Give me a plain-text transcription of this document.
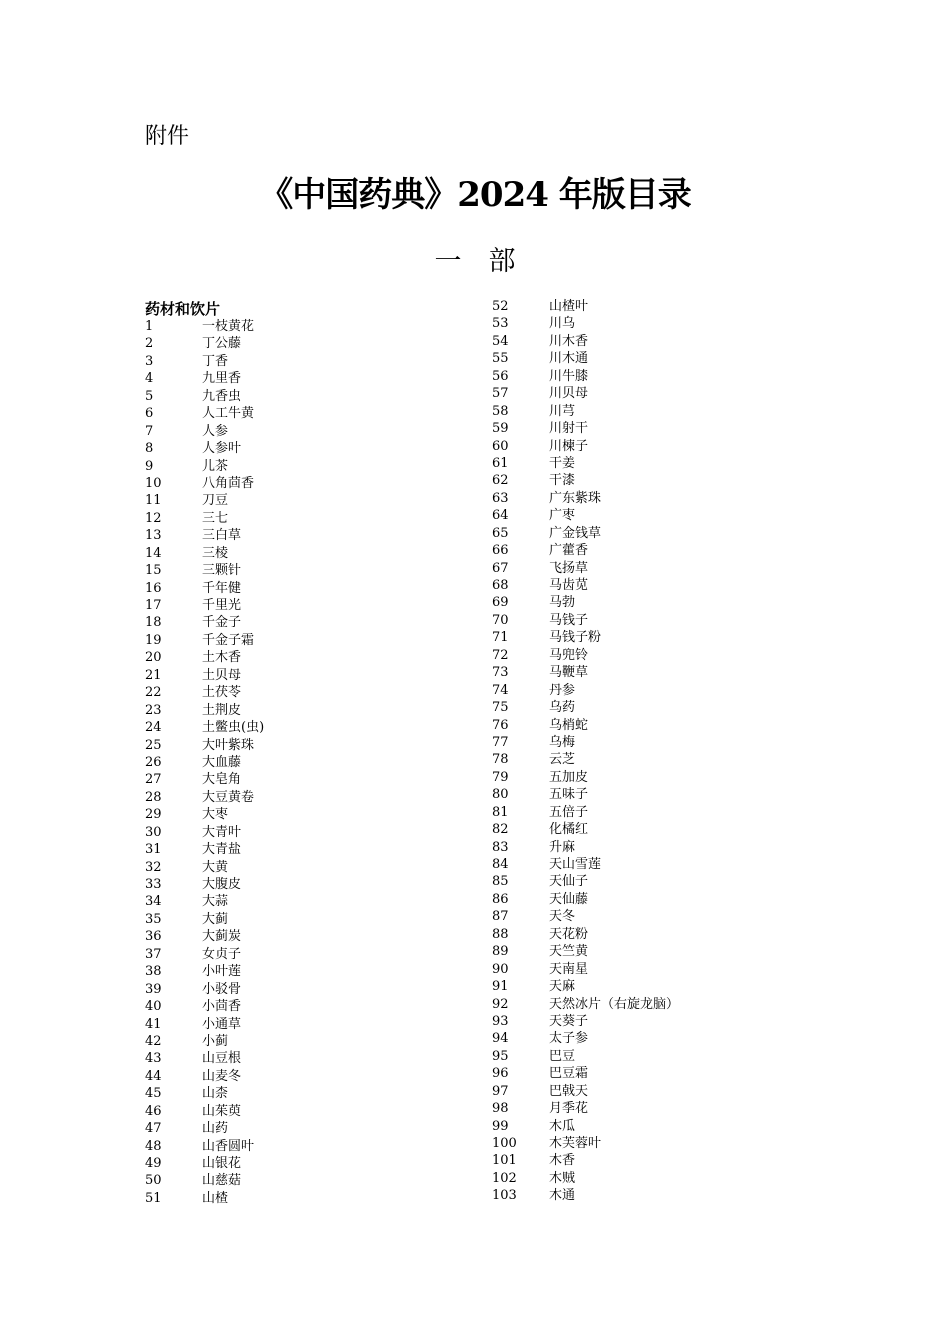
附件
《中国药典》2024 年版目录
一　部
药材和饮片
1	一枝黄花
2	丁公藤
3	丁香
4	九里香
5	九香虫
6	人工牛黄
7	人参
8	人参叶
9	儿茶
10	八角茴香
11	刀豆
12	三七
13	三白草
14	三棱
15	三颗针
16	千年健
17	千里光
18	千金子
19	千金子霜
20	土木香
21	土贝母
22	土茯苓
23	土荆皮
24	土鳖虫(虫)
25	大叶紫珠
26	大血藤
27	大皂角
28	大豆黄卷
29	大枣
30	大青叶
31	大青盐
32	大黄
33	大腹皮
34	大蒜
35	大蓟
36	大蓟炭
37	女贞子
38	小叶莲
39	小驳骨
40	小茴香
41	小通草
42	小蓟
43	山豆根
44	山麦冬
45	山柰
46	山茱萸
47	山药
48	山香圆叶
49	山银花
50	山慈菇
51	山楂
52	山楂叶
53	川乌
54	川木香
55	川木通
56	川牛膝
57	川贝母
58	川芎
59	川射干
60	川楝子
61	干姜
62	干漆
63	广东紫珠
64	广枣
65	广金钱草
66	广藿香
67	飞扬草
68	马齿苋
69	马勃
70	马钱子
71	马钱子粉
72	马兜铃
73	马鞭草
74	丹参
75	乌药
76	乌梢蛇
77	乌梅
78	云芝
79	五加皮
80	五味子
81	五倍子
82	化橘红
83	升麻
84	天山雪莲
85	天仙子
86	天仙藤
87	天冬
88	天花粉
89	天竺黄
90	天南星
91	天麻
92	天然冰片（右旋龙脑）
93	天葵子
94	太子参
95	巴豆
96	巴豆霜
97	巴戟天
98	月季花
99	木瓜
100 木芙蓉叶
101 木香
102 木贼
103 木通
